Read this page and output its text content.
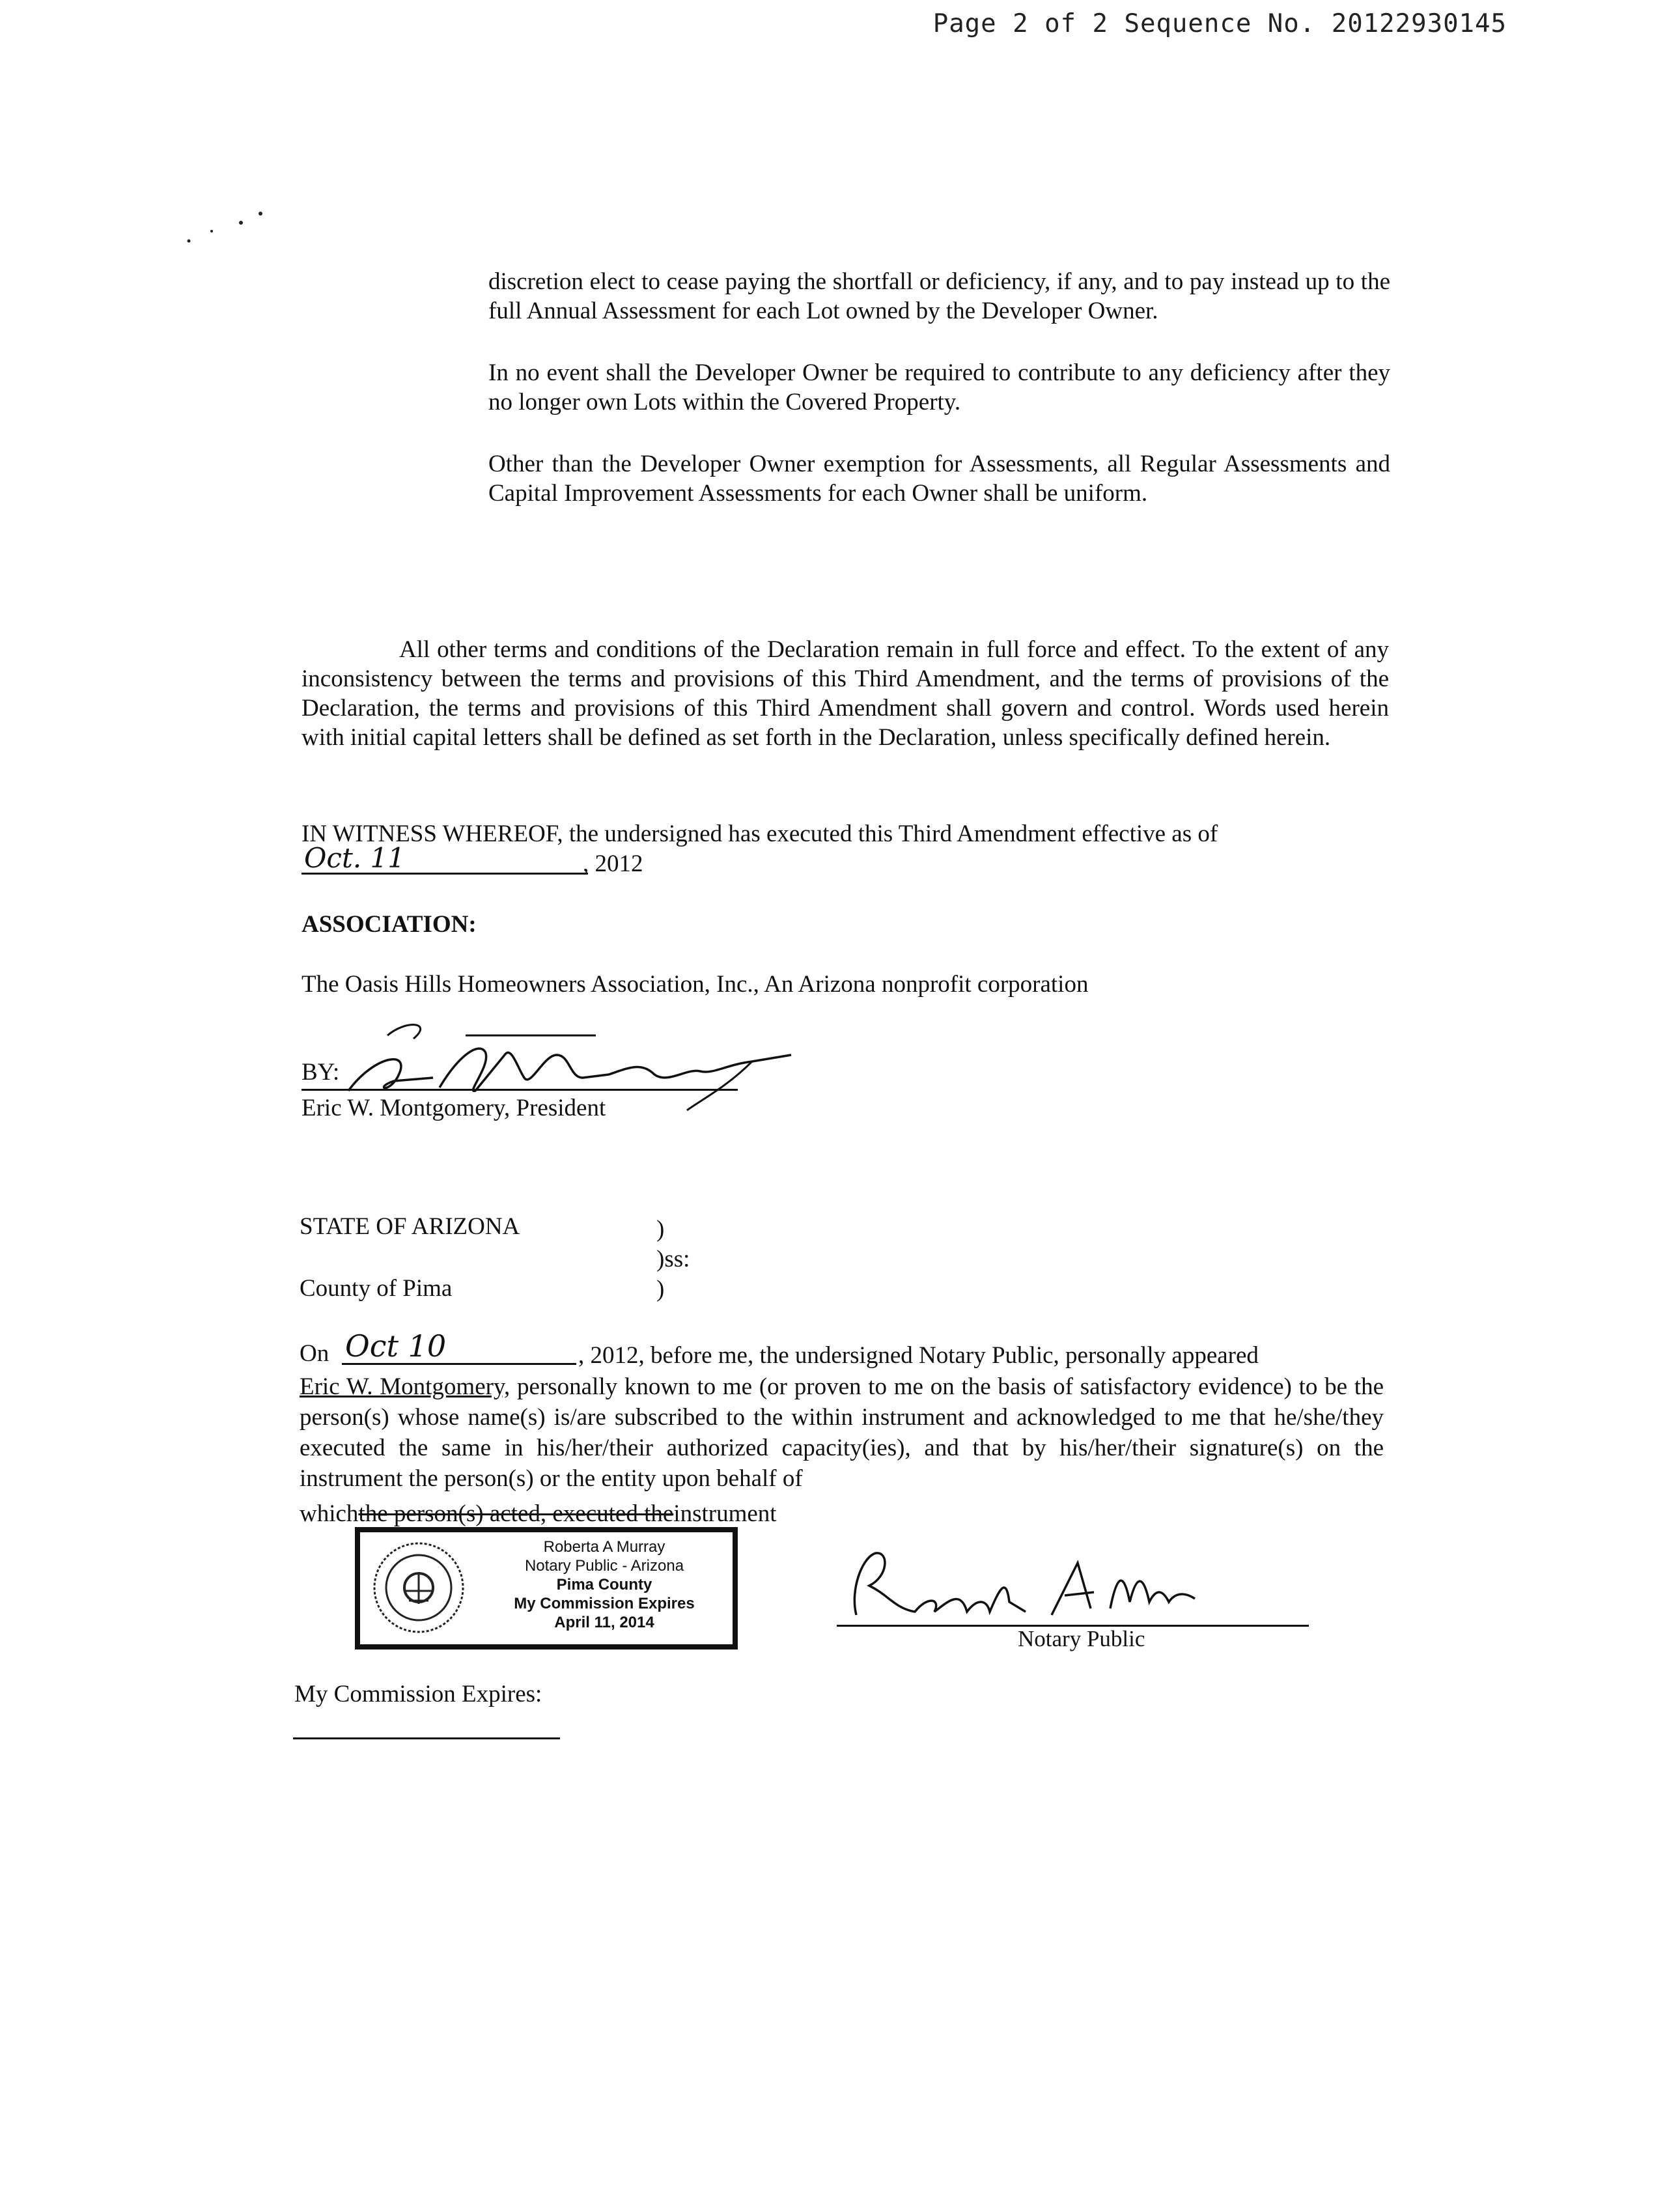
Page 2 of 2 Sequence No. 20122930145

discretion elect to cease paying the shortfall or deficiency, if any, and to pay instead up to the full Annual Assessment for each Lot owned by the Developer Owner.

In no event shall the Developer Owner be required to contribute to any deficiency after they no longer own Lots within the Covered Property.

Other than the Developer Owner exemption for Assessments, all Regular Assessments and Capital Improvement Assessments for each Owner shall be uniform.

All other terms and conditions of the Declaration remain in full force and effect. To the extent of any inconsistency between the terms and provisions of this Third Amendment, and the terms of provisions of the Declaration, the terms and provisions of this Third Amendment shall govern and control. Words used herein with initial capital letters shall be defined as set forth in the Declaration, unless specifically defined herein.
IN WITNESS WHEREOF, the undersigned has executed this Third Amendment effective as of
Oct. 11	, 2012
ASSOCIATION:
The Oasis Hills Homeowners Association, Inc., An Arizona nonprofit corporation
BY:
Eric W. Montgomery, President
STATE OF ARIZONA	)
)ss:
County of Pima	)
On Oct 10	, 2012, before me, the undersigned Notary Public, personally appeared
Eric W. Montgomery, personally known to me (or proven to me on the basis of satisfactory evidence) to be the person(s) whose name(s) is/are subscribed to the within instrument and acknowledged to me that he/she/they executed the same in his/her/their authorized capacity(ies), and that by his/her/their signature(s) on the instrument the person(s) or the entity upon behalf of
whichthe person(s) acted, executed theinstrument
Roberta A Murray
Notary Public - Arizona
Pima County
My Commission Expires
April 11, 2014
Notary Public
My Commission Expires:
